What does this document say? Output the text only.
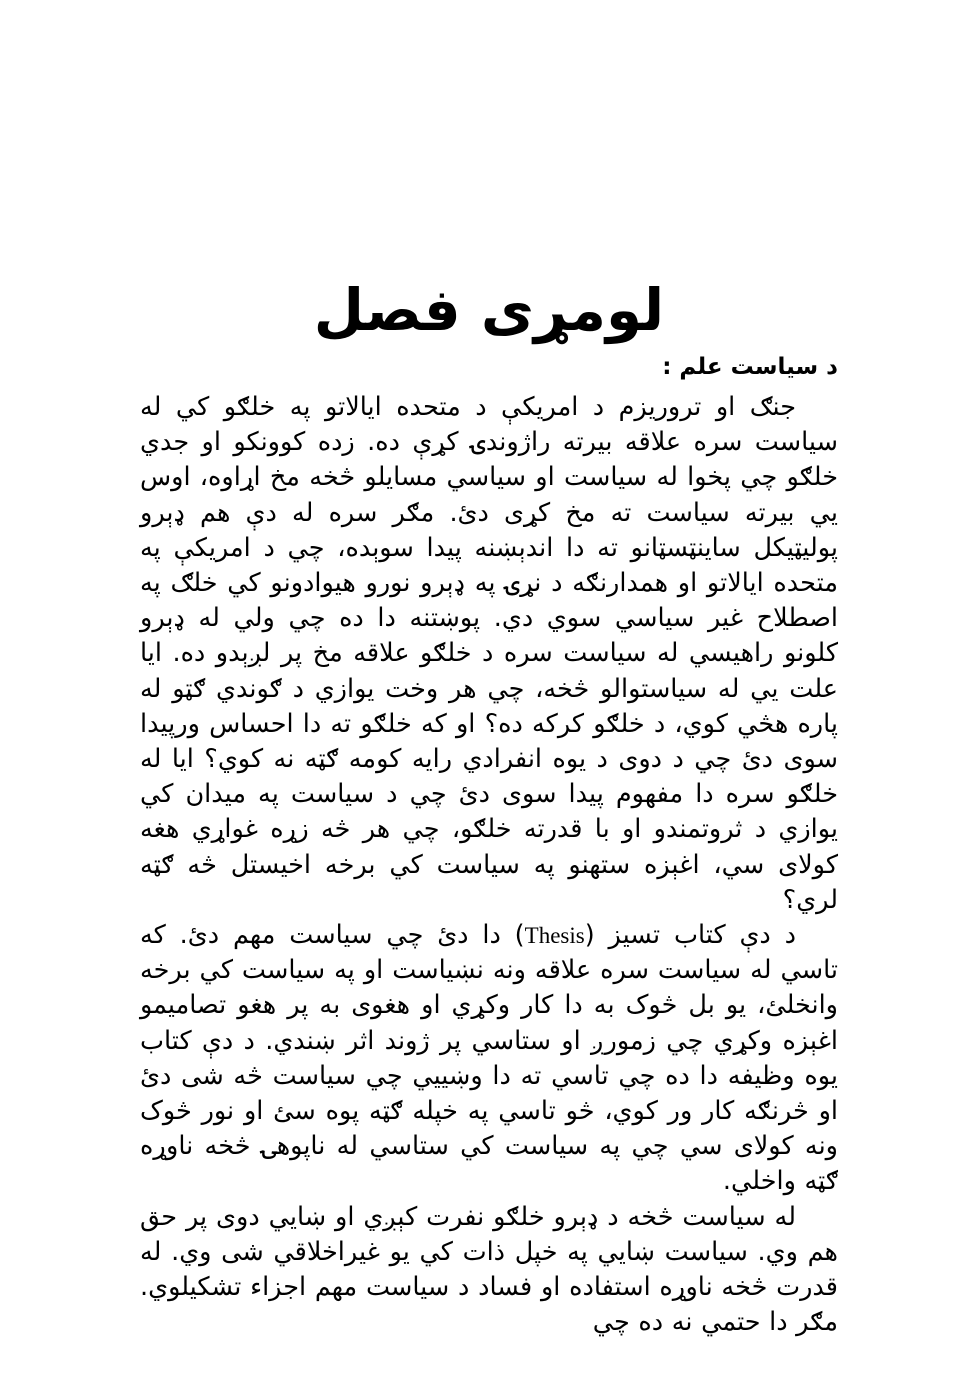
لومړی فصل
د سياست علم :

جنګ او تروريزم د امريکې د متحده ايالاتو په خلګو کي له سياست سره علاقه بيرته راژوندۍ کړې ده. زده کوونکو او جدي خلګو چي پخوا له سياست او سياسي مسايلو څخه مخ اړاوه، اوس يي بيرته سياست ته مخ کړی دئ. مګر سره له دې هم ډېرو پوليټيکل ساينټسټانو ته دا اندېښنه پيدا سوېده، چي د امريکې په متحده ايالاتو او همدارنګه د نړۍ په ډېرو نورو هيوادونو کي خلګ په اصطلاح غير سياسي سوي دي. پوښتنه دا ده چي ولي له ډېرو کلونو راهيسي له سياست سره د خلګو علاقه مخ پر لږېدو ده. ايا علت يي له سياستوالو څخه، چي هر وخت يوازي د ګوندي ګټو له پاره هڅي کوي، د خلګو کرکه ده؟ او که خلګو ته دا احساس ورپيدا سوی دئ چي د دوی د يوه انفرادي رايه کومه ګټه نه کوي؟ ايا له خلګو سره دا مفهوم پيدا سوی دئ چي د سياست په ميدان کي يوازي د ثروتمندو او با قدرته خلګو، چي هر څه زړه غواړي هغه کولای سي، اغېزه ستهنو په سياست کي برخه اخيستل څه ګټه لري؟

د دې کتاب تسيز (Thesis) دا دئ چي سياست مهم دئ. که تاسي له سياست سره علاقه ونه نښياست او په سياست کي برخه وانخلئ، يو بل څوک به دا کار وکړي او هغوی به پر هغو تصاميمو اغېزه وکړي چي زمورږ او ستاسي پر ژوند اثر ښندي. د دې کتاب يوه وظيفه دا ده چي تاسي ته دا وښييي چي سياست څه شی دئ او څرنګه کار ور کوي، څو تاسي په خپله ګټه پوه سئ او نور څوک ونه کولای سي چي په سياست کي ستاسي له ناپوهۍ څخه ناوړه ګټه واخلي.

له سياست څخه د ډېرو خلګو نفرت کېږي او ښايي دوی پر حق هم وي. سياست ښايي په خپل ذات کي يو غيراخلاقي شی وي. له قدرت څخه ناوړه استفاده او فساد د سياست مهم اجزاء تشکيلوي. مګر دا حتمي نه ده چي
